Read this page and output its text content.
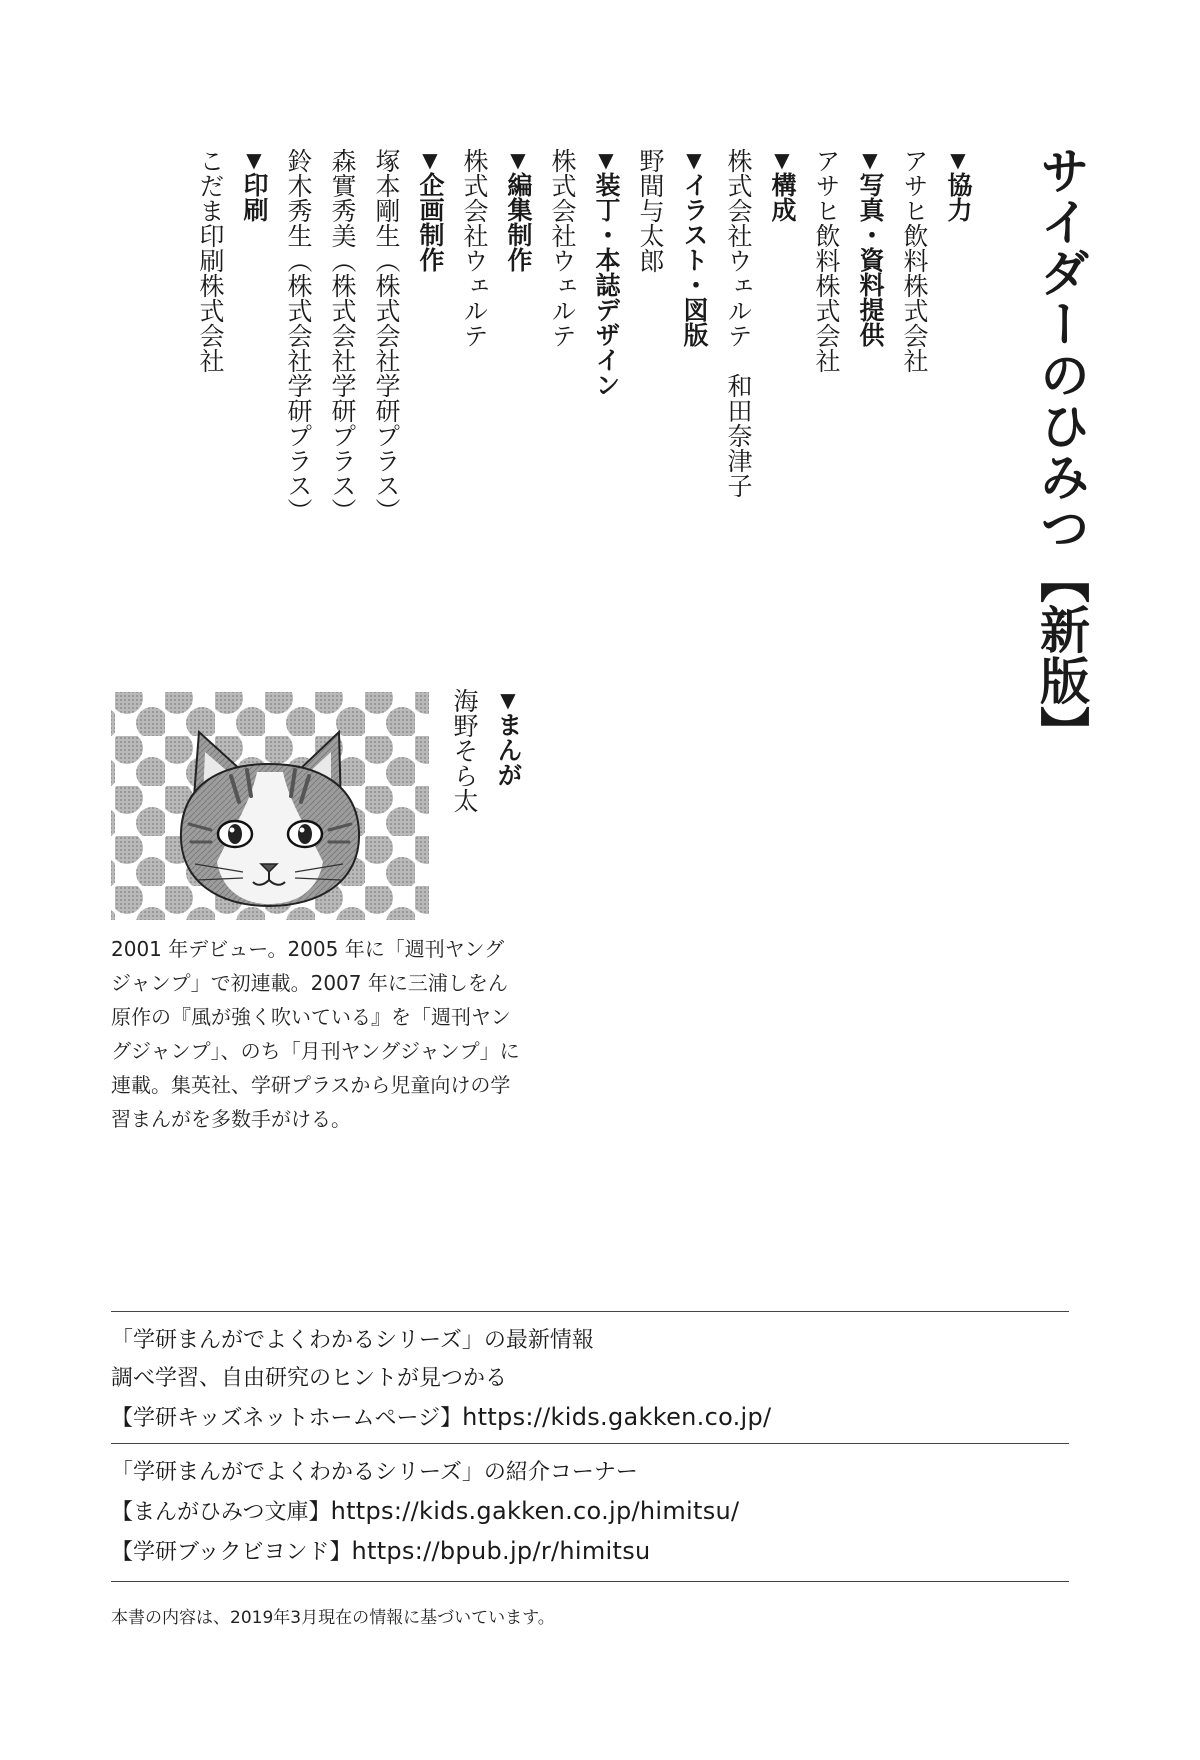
サイダーのひみつ【新版】
▼協力
アサヒ飲料株式会社
▼写真・資料提供
アサヒ飲料株式会社
▼構成
株式会社ウェルテ　和田奈津子
▼イラスト・図版
野間与太郎
▼装丁・本誌デザイン
株式会社ウェルテ
▼編集制作
株式会社ウェルテ
▼企画制作
塚本剛生（株式会社学研プラス）
森實秀美（株式会社学研プラス）
鈴木秀生（株式会社学研プラス）
▼印刷
こだま印刷株式会社
▼まんが
海野そら太
2001 年デビュー。2005 年に「週刊ヤングジャンプ」で初連載。2007 年に三浦しをん原作の『風が強く吹いている』を「週刊ヤングジャンプ」、のち「月刊ヤングジャンプ」に連載。集英社、学研プラスから児童向けの学習まんがを多数手がける。
「学研まんがでよくわかるシリーズ」の最新情報
調べ学習、自由研究のヒントが見つかる
【学研キッズネットホームページ】https://kids.gakken.co.jp/
「学研まんがでよくわかるシリーズ」の紹介コーナー
【まんがひみつ文庫】https://kids.gakken.co.jp/himitsu/
【学研ブックビヨンド】https://bpub.jp/r/himitsu
本書の内容は、2019年3月現在の情報に基づいています。
